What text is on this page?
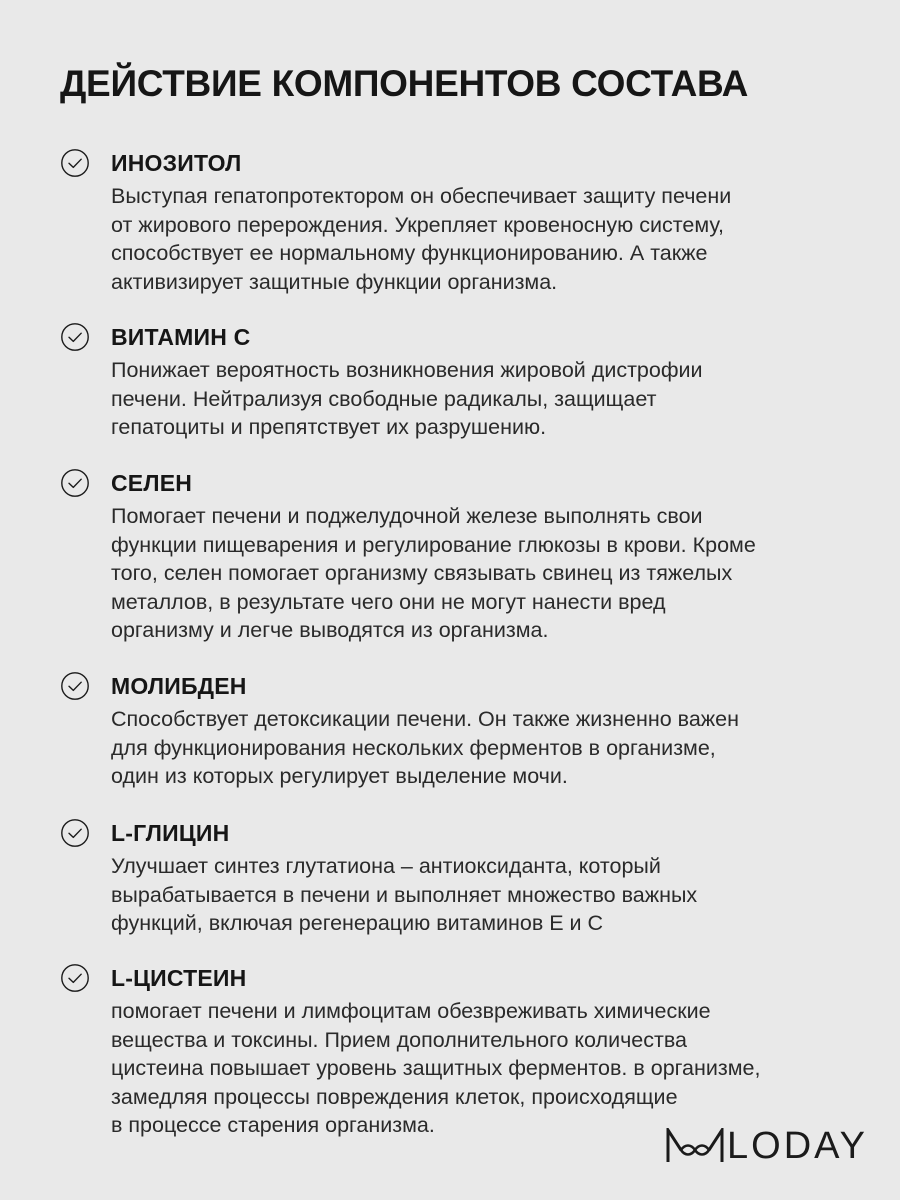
ДЕЙСТВИЕ КОМПОНЕНТОВ СОСТАВА
ИНОЗИТОЛ

Выступая гепатопротектором он обеспечивает защиту печени
от жирового перерождения. Укрепляет кровеносную систему,
способствует ее нормальному функционированию. А также
активизирует защитные функции организма.

ВИТАМИН С

Понижает вероятность возникновения жировой дистрофии
печени. Нейтрализуя свободные радикалы, защищает
гепатоциты и препятствует их разрушению.

СЕЛЕН

Помогает печени и поджелудочной железе выполнять свои
функции пищеварения и регулирование глюкозы в крови. Кроме
того, селен помогает организму связывать свинец из тяжелых
металлов, в результате чего они не могут нанести вред
организму и легче выводятся из организма.

МОЛИБДЕН

Способствует детоксикации печени. Он также жизненно важен
для функционирования нескольких ферментов в организме,
один из которых регулирует выделение мочи.

L-ГЛИЦИН

Улучшает синтез глутатиона – антиоксиданта, который
вырабатывается в печени и выполняет множество важных
функций, включая регенерацию витаминов Е и С

L-ЦИСТЕИН

помогает печени и лимфоцитам обезвреживать химические
вещества и токсины. Прием дополнительного количества
цистеина повышает уровень защитных ферментов. в организме,
замедляя процессы повреждения клеток, происходящие
в процессе старения организма.	LODAY
